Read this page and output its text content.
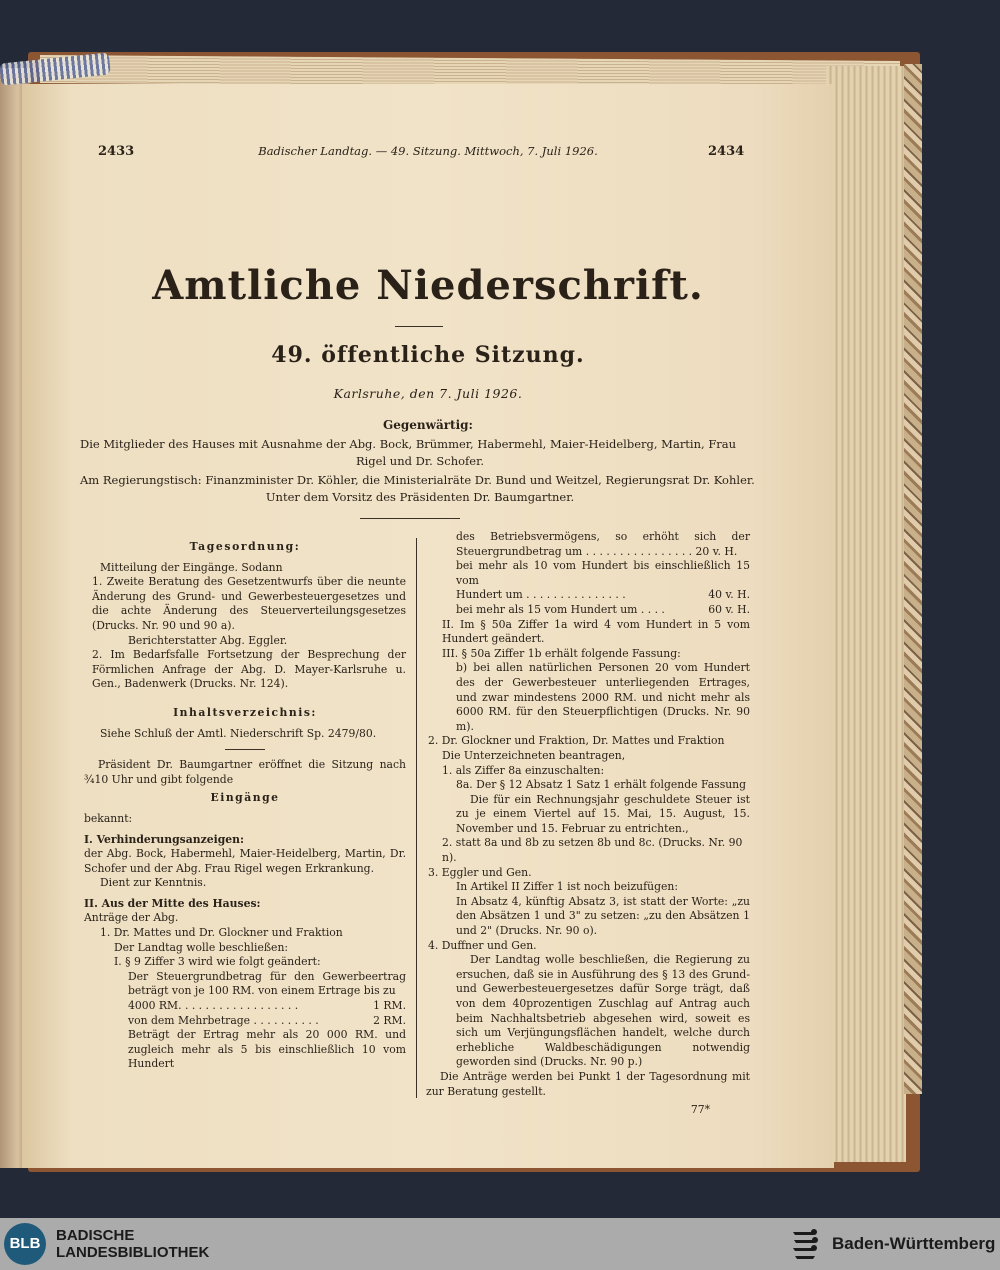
2433	Badischer Landtag. — 49. Sitzung. Mittwoch, 7. Juli 1926.	2434
Amtliche Niederschrift.
49. öffentliche Sitzung.
Karlsruhe, den 7. Juli 1926.
Gegenwärtig:
Die Mitglieder des Hauses mit Ausnahme der Abg. Bock, Brümmer, Habermehl, Maier-Heidelberg, Martin, Frau
Rigel und Dr. Schofer.
Am Regierungstisch: Finanzminister Dr. Köhler, die Ministerialräte Dr. Bund und Weitzel, Regierungsrat Dr. Kohler.
Unter dem Vorsitz des Präsidenten Dr. Baumgartner.

Tagesordnung:

Mitteilung der Eingänge. Sodann

1. Zweite Beratung des Gesetzentwurfs über die neunte Änderung des Grund- und Gewerbesteuergesetzes und die achte Änderung des Steuerverteilungsgesetzes (Drucks. Nr. 90 und 90 a).

Berichterstatter Abg. Eggler.

2. Im Bedarfsfalle Fortsetzung der Besprechung der Förmlichen Anfrage der Abg. D. Mayer-Karlsruhe u. Gen., Badenwerk (Drucks. Nr. 124).

Inhaltsverzeichnis:

Siehe Schluß der Amtl. Niederschrift Sp. 2479/80.

Präsident Dr. Baumgartner eröffnet die Sitzung nach ¾10 Uhr und gibt folgende

Eingänge

bekannt:

I. Verhinderungsanzeigen:

der Abg. Bock, Habermehl, Maier-Heidelberg, Martin, Dr. Schofer und der Abg. Frau Rigel wegen Erkrankung.

Dient zur Kenntnis.

II. Aus der Mitte des Hauses:

Anträge der Abg.

1. Dr. Mattes und Dr. Glockner und Fraktion

Der Landtag wolle beschließen:

I. § 9 Ziffer 3 wird wie folgt geändert:

Der Steuergrundbetrag für den Gewerbeertrag beträgt von je 100 RM. von einem Ertrage bis zu

4000 RM. . . . . . . . . . . . . . . . . .	1 RM.
von dem Mehrbetrage . . . . . . . . . .	2 RM.

Beträgt der Ertrag mehr als 20 000 RM. und zugleich mehr als 5 bis einschließlich 10 vom Hundert

des Betriebsvermögens, so erhöht sich der Steuergrundbetrag um . . . . . . . . . . . . . . . . 20 v. H.

bei mehr als 10 vom Hundert bis einschließlich 15 vom

Hundert um . . . . . . . . . . . . . . .	40 v. H.
bei mehr als 15 vom Hundert um . . . .	60 v. H.

II. Im § 50a Ziffer 1a wird 4 vom Hundert in 5 vom Hundert geändert.

III. § 50a Ziffer 1b erhält folgende Fassung:

b) bei allen natürlichen Personen 20 vom Hundert des der Gewerbesteuer unterliegenden Ertrages, und zwar mindestens 2000 RM. und nicht mehr als 6000 RM. für den Steuerpflichtigen (Drucks. Nr. 90 m).

2. Dr. Glockner und Fraktion, Dr. Mattes und Fraktion

Die Unterzeichneten beantragen,

1. als Ziffer 8a einzuschalten:

8a. Der § 12 Absatz 1 Satz 1 erhält folgende Fassung

Die für ein Rechnungsjahr geschuldete Steuer ist zu je einem Viertel auf 15. Mai, 15. August, 15. November und 15. Februar zu entrichten.,

2. statt 8a und 8b zu setzen 8b und 8c. (Drucks. Nr. 90 n).

3. Eggler und Gen.

In Artikel II Ziffer 1 ist noch beizufügen:

In Absatz 4, künftig Absatz 3, ist statt der Worte: „zu den Absätzen 1 und 3" zu setzen: „zu den Absätzen 1 und 2" (Drucks. Nr. 90 o).

4. Duffner und Gen.

Der Landtag wolle beschließen, die Regierung zu ersuchen, daß sie in Ausführung des § 13 des Grund- und Gewerbesteuergesetzes dafür Sorge trägt, daß von dem 40prozentigen Zuschlag auf Antrag auch beim Nachhaltsbetrieb abgesehen wird, soweit es sich um Verjüngungsflächen handelt, welche durch erhebliche Waldbeschädigungen notwendig geworden sind (Drucks. Nr. 90 p.)

Die Anträge werden bei Punkt 1 der Tagesordnung mit zur Beratung gestellt.

77*

BLB	BADISCHE
LANDESBIBLIOTHEK	Baden-Württemberg
